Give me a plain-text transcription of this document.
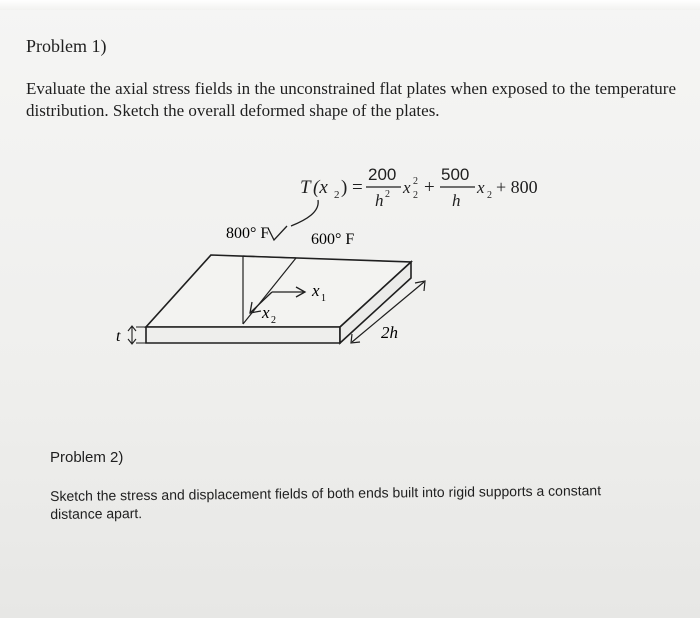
Problem 1)
Evaluate the axial stress fields in the unconstrained flat plates when exposed to the temperature distribution. Sketch the overall deformed shape of the plates.
T (x 2 ) =
200
h 2 x 2
2 +
500
h
x 2 + 800
800° F	600° F
x 1
x 2
t	2h
Problem 2)
Sketch the stress and displacement fields of both ends built into rigid supports a constant distance apart.
